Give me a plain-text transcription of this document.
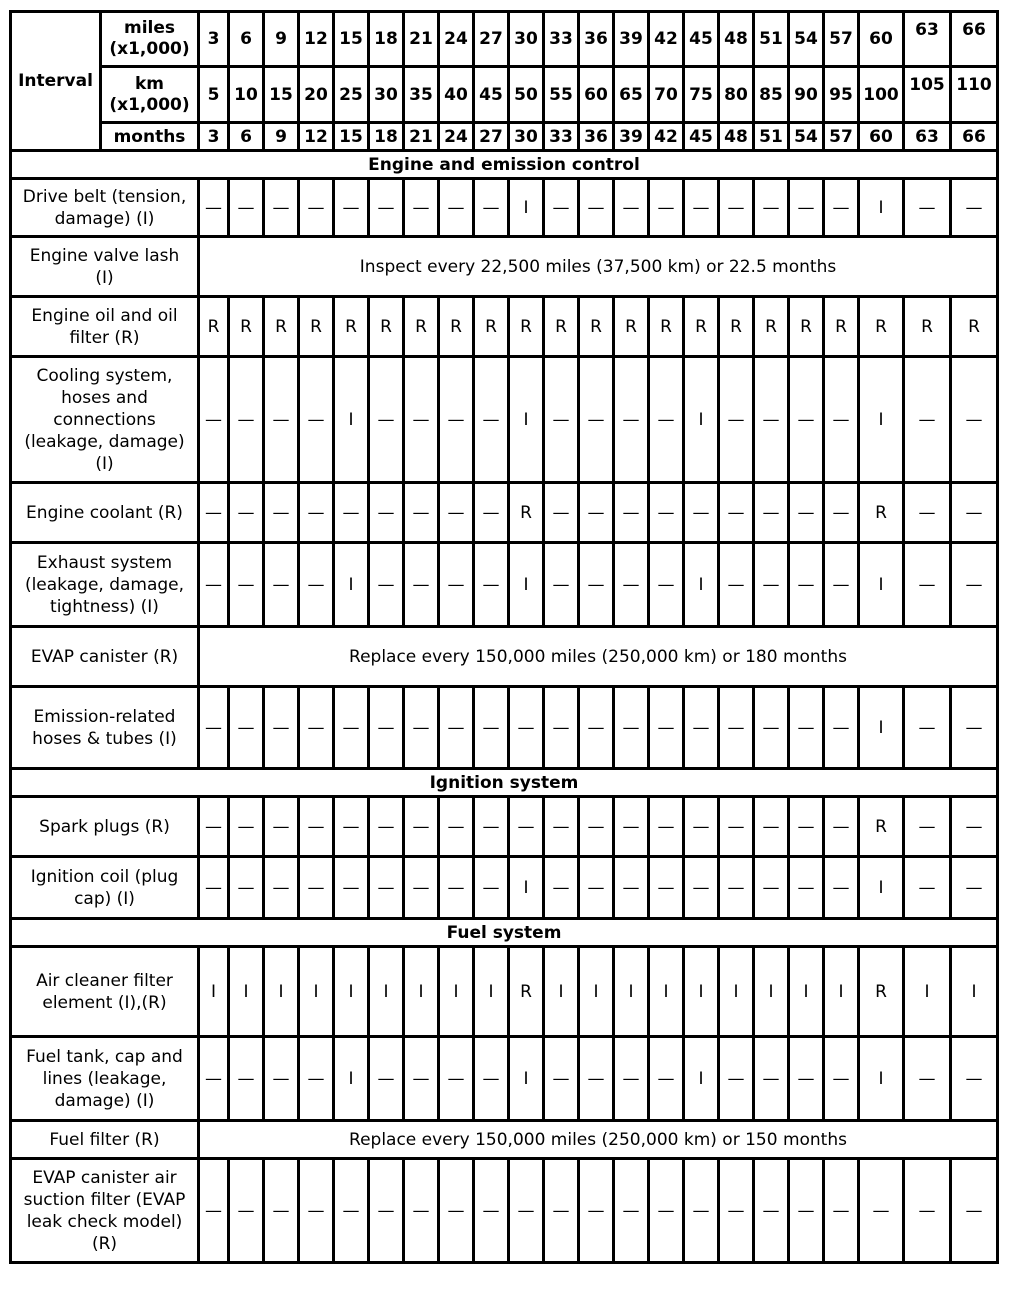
Interval	miles
(x1,000)	3	6	9	12	15	18	21	24	27	30	33	36	39	42	45	48	51	54	57	60	63	66
	km
(x1,000)	5	10	15	20	25	30	35	40	45	50	55	60	65	70	75	80	85	90	95	100	105	110
	months	3	6	9	12	15	18	21	24	27	30	33	36	39	42	45	48	51	54	57	60	63	66
Engine and emission control																							
Drive belt (tension,
damage) (I)		—	—	—	—	—	—	—	—	—	I	—	—	—	—	—	—	—	—	—	I	—	—
Engine valve lash
(I)		Inspect every 22,500 miles (37,500 km) or 22.5 months																					
Engine oil and oil
filter (R)		R	R	R	R	R	R	R	R	R	R	R	R	R	R	R	R	R	R	R	R	R	R
Cooling system,
hoses and
connections
(leakage, damage)
(I)		—	—	—	—	I	—	—	—	—	I	—	—	—	—	I	—	—	—	—	I	—	—
Engine coolant (R)		—	—	—	—	—	—	—	—	—	R	—	—	—	—	—	—	—	—	—	R	—	—
Exhaust system
(leakage, damage,
tightness) (I)		—	—	—	—	I	—	—	—	—	I	—	—	—	—	I	—	—	—	—	I	—	—
EVAP canister (R)		Replace every 150,000 miles (250,000 km) or 180 months																					
Emission-related
hoses & tubes (I)		—	—	—	—	—	—	—	—	—	—	—	—	—	—	—	—	—	—	—	I	—	—
Ignition system																							
Spark plugs (R)		—	—	—	—	—	—	—	—	—	—	—	—	—	—	—	—	—	—	—	R	—	—
Ignition coil (plug
cap) (I)		—	—	—	—	—	—	—	—	—	I	—	—	—	—	—	—	—	—	—	I	—	—
Fuel system																							
Air cleaner filter
element (I),(R)		I	I	I	I	I	I	I	I	I	R	I	I	I	I	I	I	I	I	I	R	I	I
Fuel tank, cap and
lines (leakage,
damage) (I)		—	—	—	—	I	—	—	—	—	I	—	—	—	—	I	—	—	—	—	I	—	—
Fuel filter (R)		Replace every 150,000 miles (250,000 km) or 150 months																					
EVAP canister air
suction filter (EVAP
leak check model)
(R)		—	—	—	—	—	—	—	—	—	—	—	—	—	—	—	—	—	—	—	—	—	—
